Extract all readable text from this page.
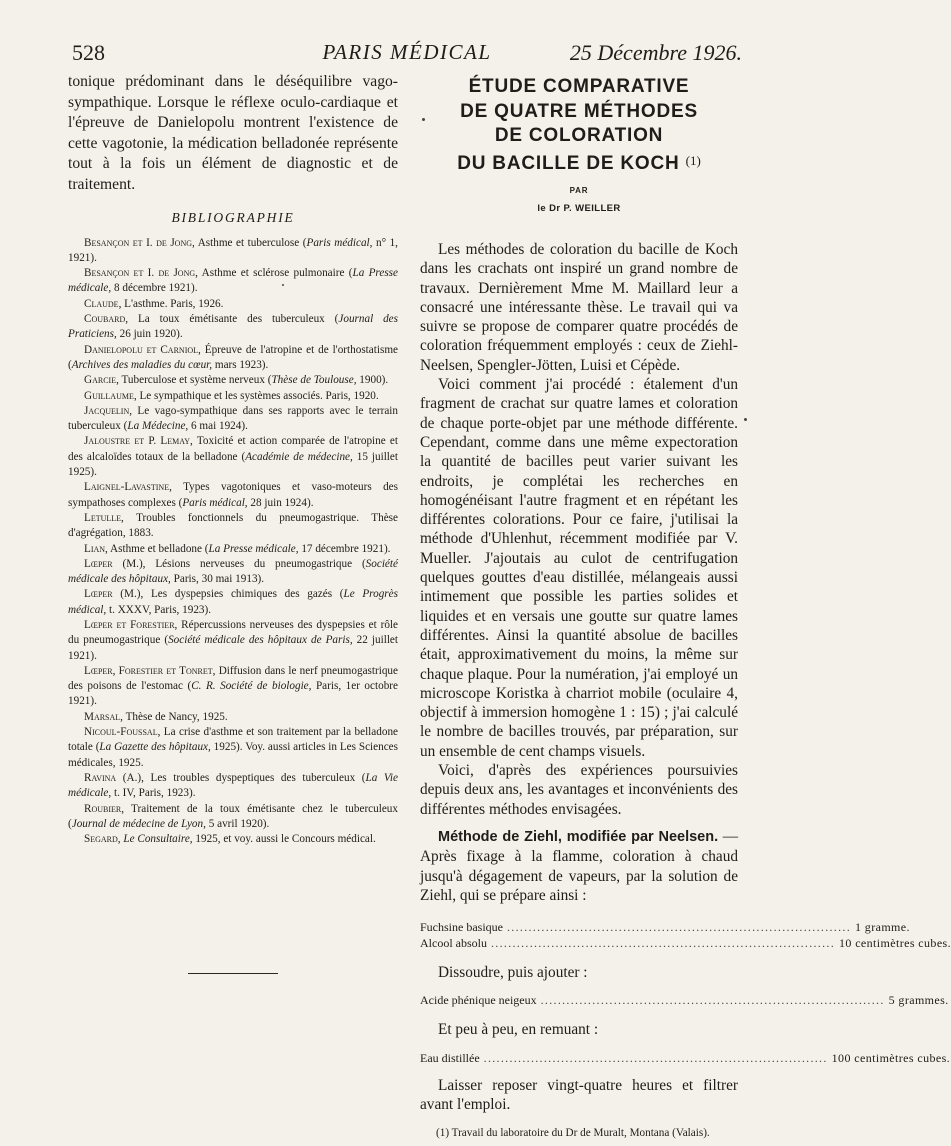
528	PARIS MÉDICAL	25 Décembre 1926.

tonique prédominant dans le déséquilibre vago-sympathique. Lorsque le réflexe oculo-cardiaque et l'épreuve de Danielopolu montrent l'existence de cette vagotonie, la médication belladonée représente tout à la fois un élément de diagnostic et de traitement.

BIBLIOGRAPHIE

Besançon et I. de Jong, Asthme et tuberculose (Paris médical, n° 1, 1921).

Besançon et I. de Jong, Asthme et sclérose pulmonaire (La Presse médicale, 8 décembre 1921).

Claude, L'asthme. Paris, 1926.

Coubard, La toux émétisante des tuberculeux (Journal des Praticiens, 26 juin 1920).

Danielopolu et Carniol, Épreuve de l'atropine et de l'orthostatisme (Archives des maladies du cœur, mars 1923).

Garcie, Tuberculose et système nerveux (Thèse de Toulouse, 1900).

Guillaume, Le sympathique et les systèmes associés. Paris, 1920.

Jacquelin, Le vago-sympathique dans ses rapports avec le terrain tuberculeux (La Médecine, 6 mai 1924).

Jaloustre et P. Lemay, Toxicité et action comparée de l'atropine et des alcaloïdes totaux de la belladone (Académie de médecine, 15 juillet 1925).

Laignel-Lavastine, Types vagotoniques et vaso-moteurs des sympathoses complexes (Paris médical, 28 juin 1924).

Letulle, Troubles fonctionnels du pneumogastrique. Thèse d'agrégation, 1883.

Lian, Asthme et belladone (La Presse médicale, 17 décembre 1921).

Lœper (M.), Lésions nerveuses du pneumogastrique (Société médicale des hôpitaux, Paris, 30 mai 1913).

Lœper (M.), Les dyspepsies chimiques des gazés (Le Progrès médical, t. XXXV, Paris, 1923).

Lœper et Forestier, Répercussions nerveuses des dyspepsies et rôle du pneumogastrique (Société médicale des hôpitaux de Paris, 22 juillet 1921).

Lœper, Forestier et Tonret, Diffusion dans le nerf pneumogastrique des poisons de l'estomac (C. R. Société de biologie, Paris, 1er octobre 1921).

Marsal, Thèse de Nancy, 1925.

Nicoul-Foussal, La crise d'asthme et son traitement par la belladone totale (La Gazette des hôpitaux, 1925). Voy. aussi articles in Les Sciences médicales, 1925.

Ravina (A.), Les troubles dyspeptiques des tuberculeux (La Vie médicale, t. IV, Paris, 1923).

Roubier, Traitement de la toux émétisante chez le tuberculeux (Journal de médecine de Lyon, 5 avril 1920).

Segard, Le Consultaire, 1925, et voy. aussi le Concours médical.

ÉTUDE COMPARATIVE
DE QUATRE MÉTHODES
DE COLORATION
DU BACILLE DE KOCH $^{(1)}$
PAR
le Dr P. WEILLER

Les méthodes de coloration du bacille de Koch dans les crachats ont inspiré un grand nombre de travaux. Dernièrement Mme M. Maillard leur a consacré une intéressante thèse. Le travail qui va suivre se propose de comparer quatre procédés de coloration fréquemment employés : ceux de Ziehl-Neelsen, Spengler-Jötten, Luisi et Cépède.

Voici comment j'ai procédé : étalement d'un fragment de crachat sur quatre lames et coloration de chaque porte-objet par une méthode différente. Cependant, comme dans une même expectoration la quantité de bacilles peut varier suivant les endroits, je complétai les recherches en homogénéisant l'autre fragment et en répétant les différentes colorations. Pour ce faire, j'utilisai la méthode d'Uhlenhut, récemment modifiée par V. Mueller. J'ajoutais au culot de centrifugation quelques gouttes d'eau distillée, mélangeais aussi intimement que possible les parties solides et liquides et en versais une goutte sur quatre lames différentes. Ainsi la quantité absolue de bacilles était, approximativement du moins, la même sur chaque plaque. Pour la numération, j'ai employé un microscope Koristka à charriot mobile (oculaire 4, objectif à immersion homogène 1 : 15) ; j'ai calculé le nombre de bacilles trouvés, par préparation, sur un ensemble de cent champs visuels.

Voici, d'après des expériences poursuivies depuis deux ans, les avantages et inconvénients des différentes méthodes envisagées.

Méthode de Ziehl, modifiée par Neelsen. — Après fixage à la flamme, coloration à chaud jusqu'à dégagement de vapeurs, par la solution de Ziehl, qui se prépare ainsi :

Fuchsine basique ................................................................................ 1 gramme.
Alcool absolu ................................................................................ 10 centimètres cubes.

Dissoudre, puis ajouter :

Acide phénique neigeux ................................................................................ 5 grammes.

Et peu à peu, en remuant :

Eau distillée ................................................................................ 100 centimètres cubes.

Laisser reposer vingt-quatre heures et filtrer avant l'emploi.

(1) Travail du laboratoire du Dr de Muralt, Montana (Valais).
